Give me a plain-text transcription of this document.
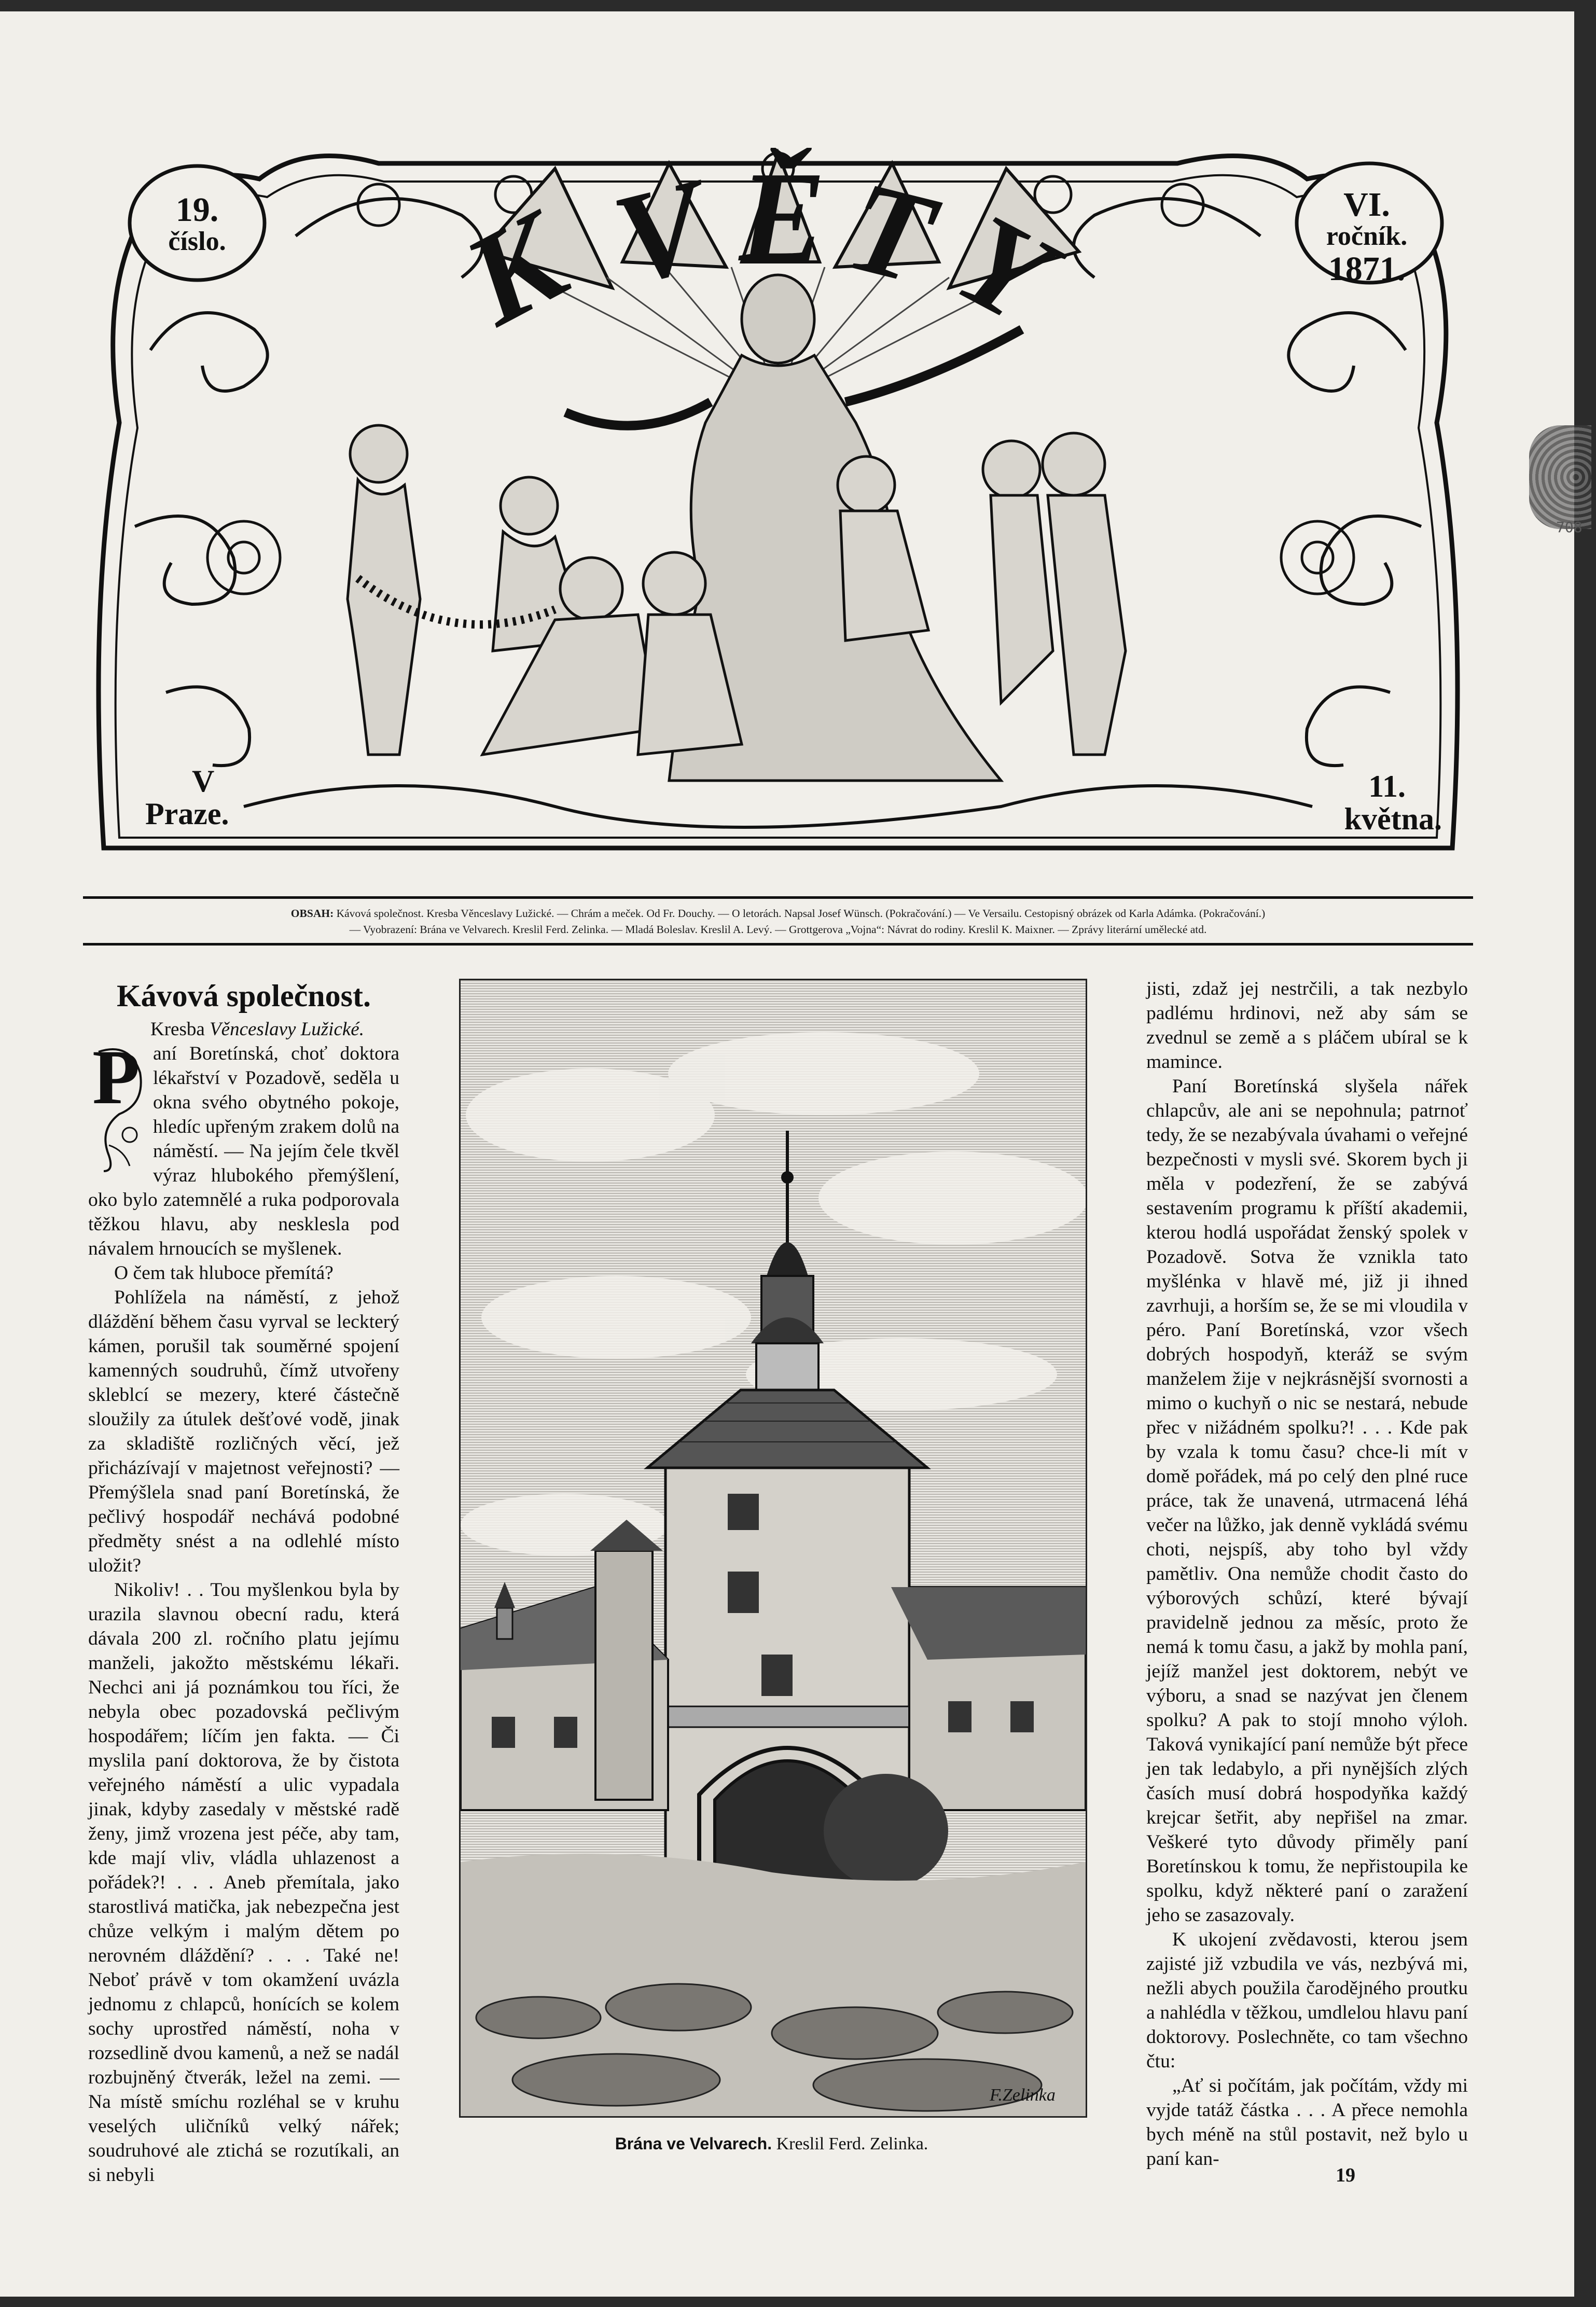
708
19.
číslo.
VI.
ročník.
1871.
V
Praze.
11.
května.
K V Ě T
Y
OBSAH: Kávová společnost. Kresba Věnceslavy Lužické. — Chrám a meček. Od Fr. Douchy. — O letorách. Napsal Josef Wünsch. (Pokračování.) — Ve Versailu. Cestopisný obrázek od Karla Adámka. (Pokračování.)
— Vyobrazení: Brána ve Velvarech. Kreslil Ferd. Zelinka. — Mladá Boleslav. Kreslil A. Levý. — Grottgerova „Vojna“: Návrat do rodiny. Kreslil K. Maixner. — Zprávy literární umělecké atd.
Kávová společnost.
Kresba Věnceslavy Lužické.
P aní Boretínská, choť doktora lékařství v Pozadově, seděla u okna svého obytného pokoje, hledíc upřeným zrakem dolů na náměstí. — Na jejím čele tkvěl výraz hlubokého přemýšlení, oko bylo zatemnělé a ruka podporovala těžkou hlavu, aby nesklesla pod návalem hrnoucích se myšlenek.

O čem tak hluboce přemítá?

Pohlížela na náměstí, z jehož dláždění během času vyrval se leckterý kámen, porušil tak souměrné spojení kamenných soudruhů, čímž utvořeny skleblcí se mezery, které částečně sloužily za útulek dešťové vodě, jinak za skladiště rozličných věcí, jež přicházívají v majetnost veřejnosti? — Přemýšlela snad paní Boretínská, že pečlivý hospodář nechává podobné předměty snést a na odlehlé místo uložit?

Nikoliv! . . Tou myšlenkou byla by urazila slavnou obecní radu, která dávala 200 zl. ročního platu jejímu manželi, jakožto městskému lékaři. Nechci ani já poznámkou tou říci, že nebyla obec pozadovská pečlivým hospodářem; líčím jen fakta. — Či myslila paní doktorova, že by čistota veřejného náměstí a ulic vypadala jinak, kdyby zasedaly v městské radě ženy, jimž vrozena jest péče, aby tam, kde mají vliv, vládla uhlazenost a pořádek?! . . . Aneb přemítala, jako starostlivá matička, jak nebezpečna jest chůze velkým i malým dětem po nerovném dláždění? . . . Také ne! Neboť právě v tom okamžení uvázla jednomu z chlapců, honících se kolem sochy uprostřed náměstí, noha v rozsedlině dvou kamenů, a než se nadál rozbujněný čtverák, ležel na zemi. — Na místě smíchu rozléhal se v kruhu veselých uličníků velký nářek; soudruhové ale ztichá se rozutíkali, an si nebyli

F.Zelinka
Brána ve Velvarech. Kreslil Ferd. Zelinka.

jisti, zdaž jej nestrčili, a tak nezbylo padlému hrdinovi, než aby sám se zvednul se země a s pláčem ubíral se k mamince.

Paní Boretínská slyšela nářek chlapcův, ale ani se nepohnula; patrnoť tedy, že se nezabývala úvahami o veřejné bezpečnosti v mysli své. Skorem bych ji měla v podezření, že se zabývá sestavením programu k příští akademii, kterou hodlá uspořádat ženský spolek v Pozadově. Sotva že vznikla tato myšlénka v hlavě mé, již ji ihned zavrhuji, a horším se, že se mi vloudila v péro. Paní Boretínská, vzor všech dobrých hospodyň, kteráž se svým manželem žije v nejkrásnější svornosti a mimo o kuchyň o nic se nestará, nebude přec v nižádném spolku?! . . . Kde pak by vzala k tomu času? chce-li mít v domě pořádek, má po celý den plné ruce práce, tak že unavená, utrmacená léhá večer na lůžko, jak denně vykládá svému choti, nejspíš, aby toho byl vždy pamětliv. Ona nemůže chodit často do výborových schůzí, které bývají pravidelně jednou za měsíc, proto že nemá k tomu času, a jakž by mohla paní, jejíž manžel jest doktorem, nebýt ve výboru, a snad se nazývat jen členem spolku? A pak to stojí mnoho výloh. Taková vynikající paní nemůže být přece jen tak ledabylo, a při nynějších zlých časích musí dobrá hospodyňka každý krejcar šetřit, aby nepřišel na zmar. Veškeré tyto důvody přiměly paní Boretínskou k tomu, že nepřistoupila ke spolku, když některé paní o zaražení jeho se zasazovaly.

K ukojení zvědavosti, kterou jsem zajisté již vzbudila ve vás, nezbývá mi, nežli abych použila čarodějného proutku a nahlédla v těžkou, umdlelou hlavu paní doktorovy. Poslechněte, co tam všechno čtu:

„Ať si počítám, jak počítám, vždy mi vyjde tatáž částka . . . A přece nemohla bych méně na stůl postavit, než bylo u paní kan-

19
